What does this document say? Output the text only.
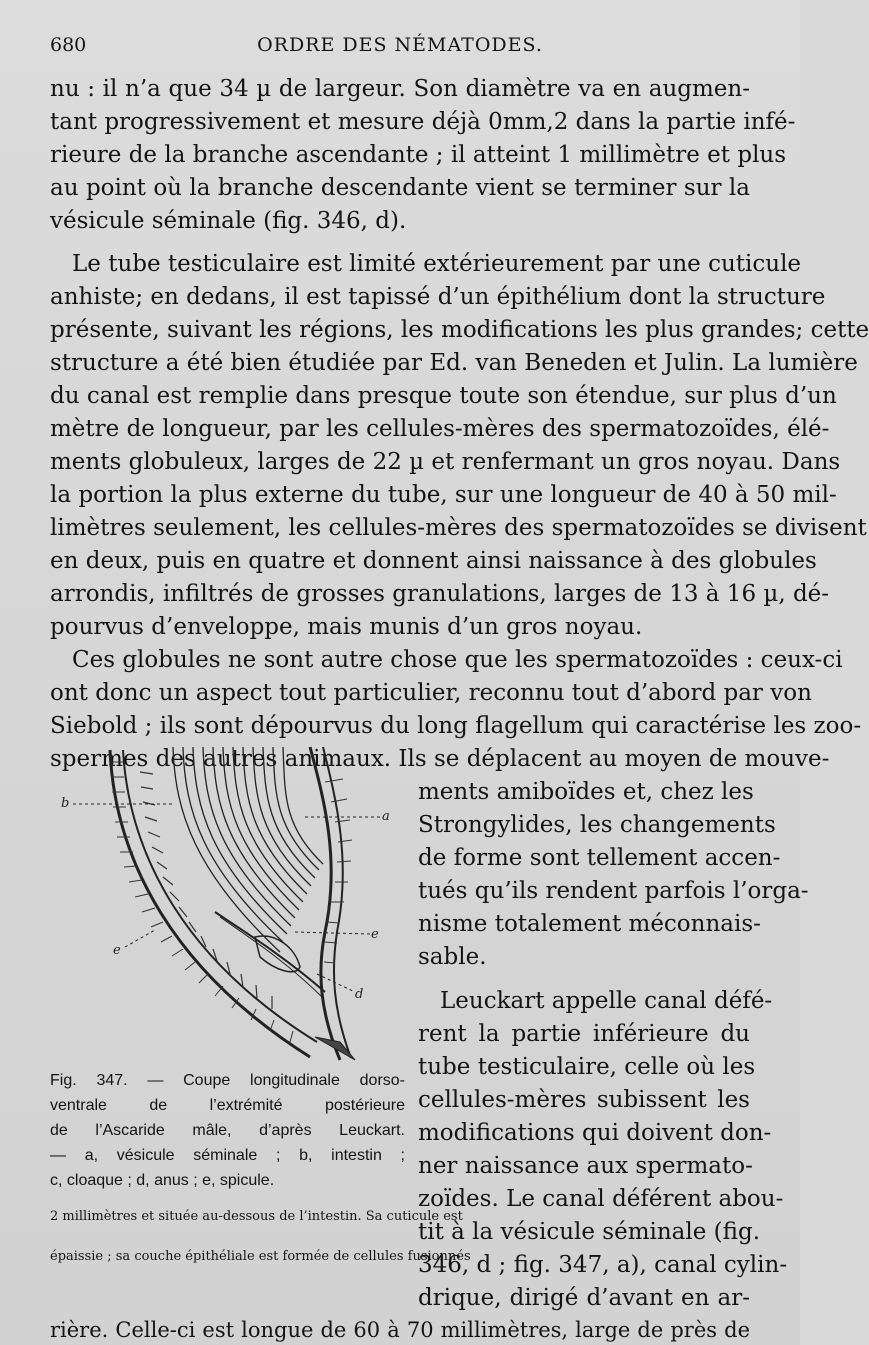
680	ORDRE DES NÉMATODES.
nu : il n’a que 34 µ de largeur. Son diamètre va en augmen-
tant progressivement et mesure déjà 0mm,2 dans la partie infé-
rieure de la branche ascendante ; il atteint 1 millimètre et plus
au point où la branche descendante vient se terminer sur la
vésicule séminale (fig. 346, d).
Le tube testiculaire est limité extérieurement par une cuticule
anhiste; en dedans, il est tapissé d’un épithélium dont la structure
présente, suivant les régions, les modifications les plus grandes; cette
structure a été bien étudiée par Ed. van Beneden et Julin. La lumière
du canal est remplie dans presque toute son étendue, sur plus d’un
mètre de longueur, par les cellules-mères des spermatozoïdes, élé-
ments globuleux, larges de 22 µ et renfermant un gros noyau. Dans
la portion la plus externe du tube, sur une longueur de 40 à 50 mil-
limètres seulement, les cellules-mères des spermatozoïdes se divisent
en deux, puis en quatre et donnent ainsi naissance à des globules
arrondis, infiltrés de grosses granulations, larges de 13 à 16 µ, dé-
pourvus d’enveloppe, mais munis d’un gros noyau.
Ces globules ne sont autre chose que les spermatozoïdes : ceux-ci
ont donc un aspect tout particulier, reconnu tout d’abord par von
Siebold ; ils sont dépourvus du long flagellum qui caractérise les zoo-
spermes des autres animaux. Ils se déplacent au moyen de mouve-
ments amiboïdes et, chez les
Strongylides, les changements
de forme sont tellement accen-
tués qu’ils rendent parfois l’orga-
nisme totalement méconnais-
sable.
Leuckart appelle canal défé-
rent la partie inférieure du
tube testiculaire, celle où les
cellules-mères subissent les
modifications qui doivent don-
ner naissance aux spermato-
zoïdes. Le canal déférent abou-
tit à la vésicule séminale (fig.
346, d ; fig. 347, a), canal cylin-
drique, dirigé d’avant en ar-
rière. Celle-ci est longue de 60 à 70 millimètres, large de près de
b
a
e
e
d
Fig. 347. — Coupe longitudinale dorso-
ventrale de l’extrémité postérieure
de l’Ascaride mâle, d’après Leuckart.
— a, vésicule séminale ; b, intestin ;
c, cloaque ; d, anus ; e, spicule.
2 millimètres et située au-dessous de l’intestin. Sa cuticule est
épaissie ; sa couche épithéliale est formée de cellules fusionnés
